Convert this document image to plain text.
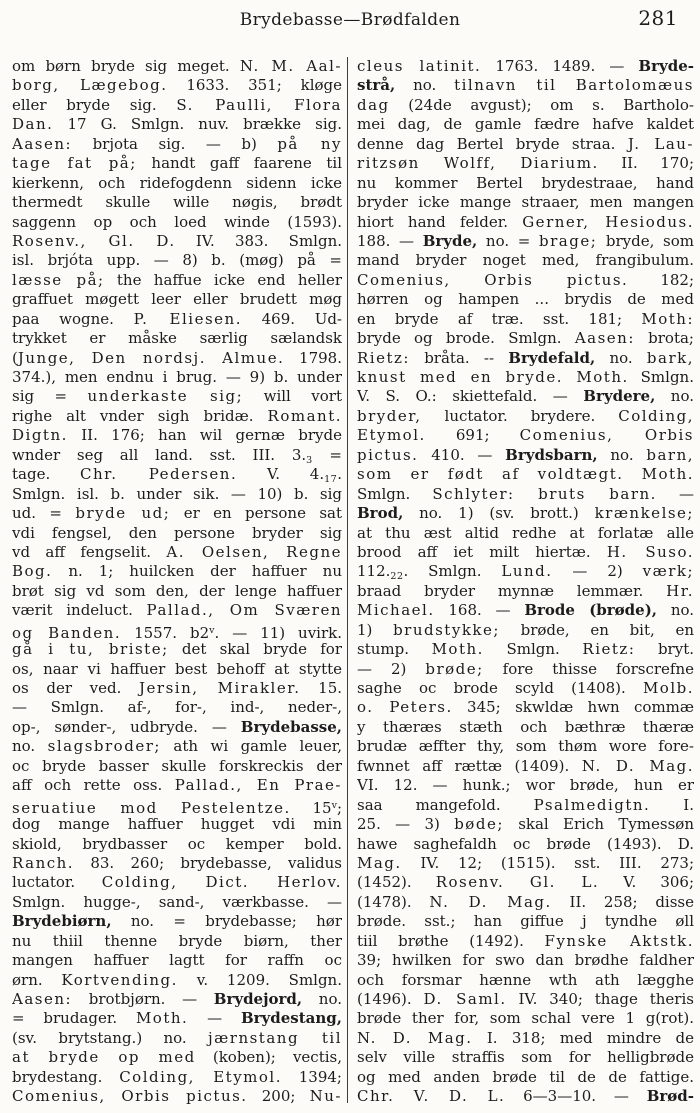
Brydebasse—Brødfalden	281
om børn bryde sig meget. N. M. Aal-
borg, Lægebog. 1633. 351; kløge
eller bryde sig. S. Paulli, Flora
Dan. 17 G. Smlgn. nuv. brække sig.
Aasen: brjota sig. — b) på ny
tage fat på; handt gaff faarene til
kierkenn, och ridefogdenn sidenn icke
thermedt skulle wille nøgis, brødt
saggenn op och loed winde (1593).
Rosenv., Gl. D. IV. 383. Smlgn.
isl. brjóta upp. — 8) b. (møg) på =
læsse på; the haffue icke end heller
graffuet møgett leer eller brudett møg
paa wogne. P. Eliesen. 469. Ud-
trykket er måske særlig sælandsk
(Junge, Den nordsj. Almue. 1798.
374.), men endnu i brug. — 9) b. under
sig = underkaste sig; will vort
righe alt vnder sigh bridæ. Romant.
Digtn. II. 176; han wil gernæ bryde
wnder seg all land. sst. III. $3._3$ =
tage. Chr. Pedersen. V. $4._{17}$.
Smlgn. isl. b. under sik. — 10) b. sig
ud. = bryde ud; er en persone sat
vdi fengsel, den persone bryder sig
vd aff fengselit. A. Oelsen, Regne
Bog. n. 1; huilcken der haffuer nu
brøt sig vd som den, der lenge haffuer
værit indeluct. Pallad., Om Sværen
og Banden. 1557. b2$^v$. — 11) uvirk.
gå i tu, briste; det skal bryde for
os, naar vi haffuer best behoff at stytte
os der ved. Jersin, Mirakler. 15.
— Smlgn. af-, for-, ind-, neder-,
op-, sønder-, udbryde. — Brydebasse,
no. slagsbroder; ath wi gamle leuer,
oc bryde basser skulle forskreckis der
aff och rette oss. Pallad., En Prae-
seruatiue mod Pestelentze. 15$^v$;
dog mange haffuer hugget vdi min
skiold, brydbasser oc kemper bold.
Ranch. 83. 260; brydebasse, validus
luctator. Colding, Dict. Herlov.
Smlgn. hugge-, sand-, værkbasse. —
Brydebiørn, no. = brydebasse; hør
nu thiil thenne bryde biørn, ther
mangen haffuer lagtt for raffn oc
ørn. Kortvending. v. 1209. Smlgn.
Aasen: brotbjørn. — Brydejord, no.
= brudager. Moth. — Brydestang,
(sv. brytstang.) no. jærnstang til
at bryde op med (koben); vectis,
brydestang. Colding, Etymol. 1394;
Comenius, Orbis pictus. 200; Nu-
cleus latinit. 1763. 1489. — Bryde-
strå, no. tilnavn til Bartolomæus
dag (24de avgust); om s. Bartholo-
mei dag, de gamle fædre hafve kaldet
denne dag Bertel bryde straa. J. Lau-
ritzsøn Wolff, Diarium. II. 170;
nu kommer Bertel brydestraae, hand
bryder icke mange straaer, men mangen
hiort hand felder. Gerner, Hesiodus.
188. — Bryde, no. = brage; bryde, som
mand bryder noget med, frangibulum.
Comenius, Orbis pictus. 182;
hørren og hampen ... brydis de med
en bryde af træ. sst. 181; Moth:
bryde og brode. Smlgn. Aasen: brota;
Rietz: bråta. -- Brydefald, no. bark,
knust med en bryde. Moth. Smlgn.
V. S. O.: skiettefald. — Brydere, no.
bryder, luctator. brydere. Colding,
Etymol. 691; Comenius, Orbis
pictus. 410. — Brydsbarn, no. barn,
som er født af voldtægt. Moth.
Smlgn. Schlyter: bruts barn. —
Brod, no. 1) (sv. brott.) krænkelse;
at thu æst altid redhe at forlatæ alle
brood aff iet milt hiertæ. H. Suso.
$112._{22}$. Smlgn. Lund. — 2) værk;
braad bryder mynnæ lemmær. Hr.
Michael. 168. — Brode (brøde), no.
1) brudstykke; brøde, en bit, en
stump. Moth. Smlgn. Rietz: bryt.
— 2) brøde; fore thisse forscrefne
saghe oc brode scyld (1408). Molb.
o. Peters. 345; skwldæ hwn commæ
y thæræs stæth och bæthræ thæræ
brudæ æffter thy, som thøm wore fore-
fwnnet aff rættæ (1409). N. D. Mag.
VI. 12. — hunk.; wor brøde, hun er
saa mangefold. Psalmedigtn. I.
25. — 3) bøde; skal Erich Tymessøn
hawe saghefaldh oc brøde (1493). D.
Mag. IV. 12; (1515). sst. III. 273;
(1452). Rosenv. Gl. L. V. 306;
(1478). N. D. Mag. II. 258; disse
brøde. sst.; han giffue j tyndhe øll
tiil brøthe (1492). Fynske Aktstk.
39; hwilken for swo dan brødhe faldher
och forsmar hænne wth ath lægghe
(1496). D. Saml. IV. 340; thage theris
brøde ther for, som schal vere 1 g(rot).
N. D. Mag. I. 318; med mindre de
selv ville straffis som for helligbrøde
og med anden brøde til de de fattige.
Chr. V. D. L. 6—3—10. — Brød-
